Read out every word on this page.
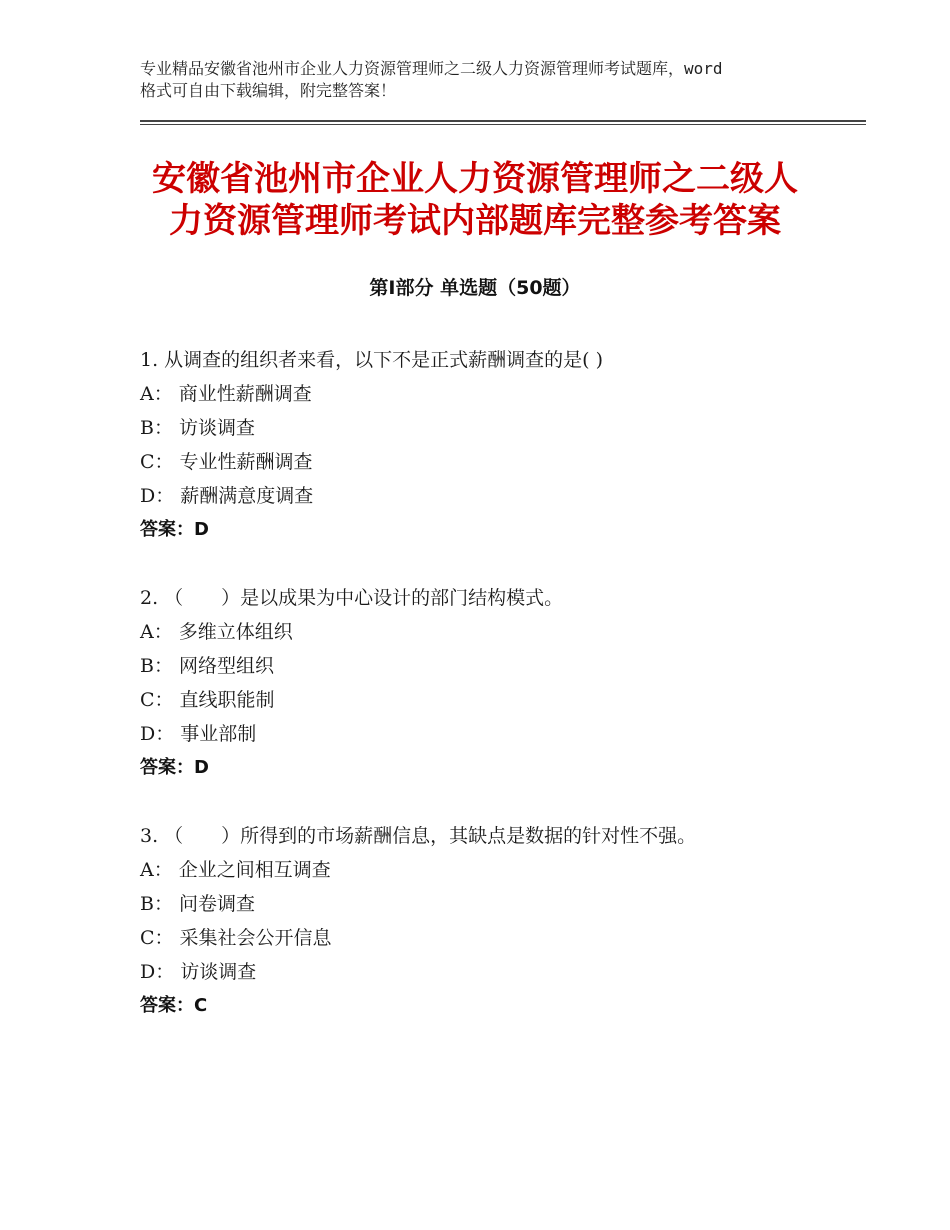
专业精品安徽省池州市企业人力资源管理师之二级人力资源管理师考试题库，word
格式可自由下载编辑，附完整答案！
安徽省池州市企业人力资源管理师之二级人
力资源管理师考试内部题库完整参考答案
第Ⅰ部分 单选题（50题）
1. 从调查的组织者来看，以下不是正式薪酬调查的是( )
A： 商业性薪酬调查
B： 访谈调查
C： 专业性薪酬调查
D： 薪酬满意度调查
答案：D
2. （　　）是以成果为中心设计的部门结构模式。
A： 多维立体组织
B： 网络型组织
C： 直线职能制
D： 事业部制
答案：D
3. （　　）所得到的市场薪酬信息，其缺点是数据的针对性不强。
A： 企业之间相互调查
B： 问卷调查
C： 采集社会公开信息
D： 访谈调查
答案：C
